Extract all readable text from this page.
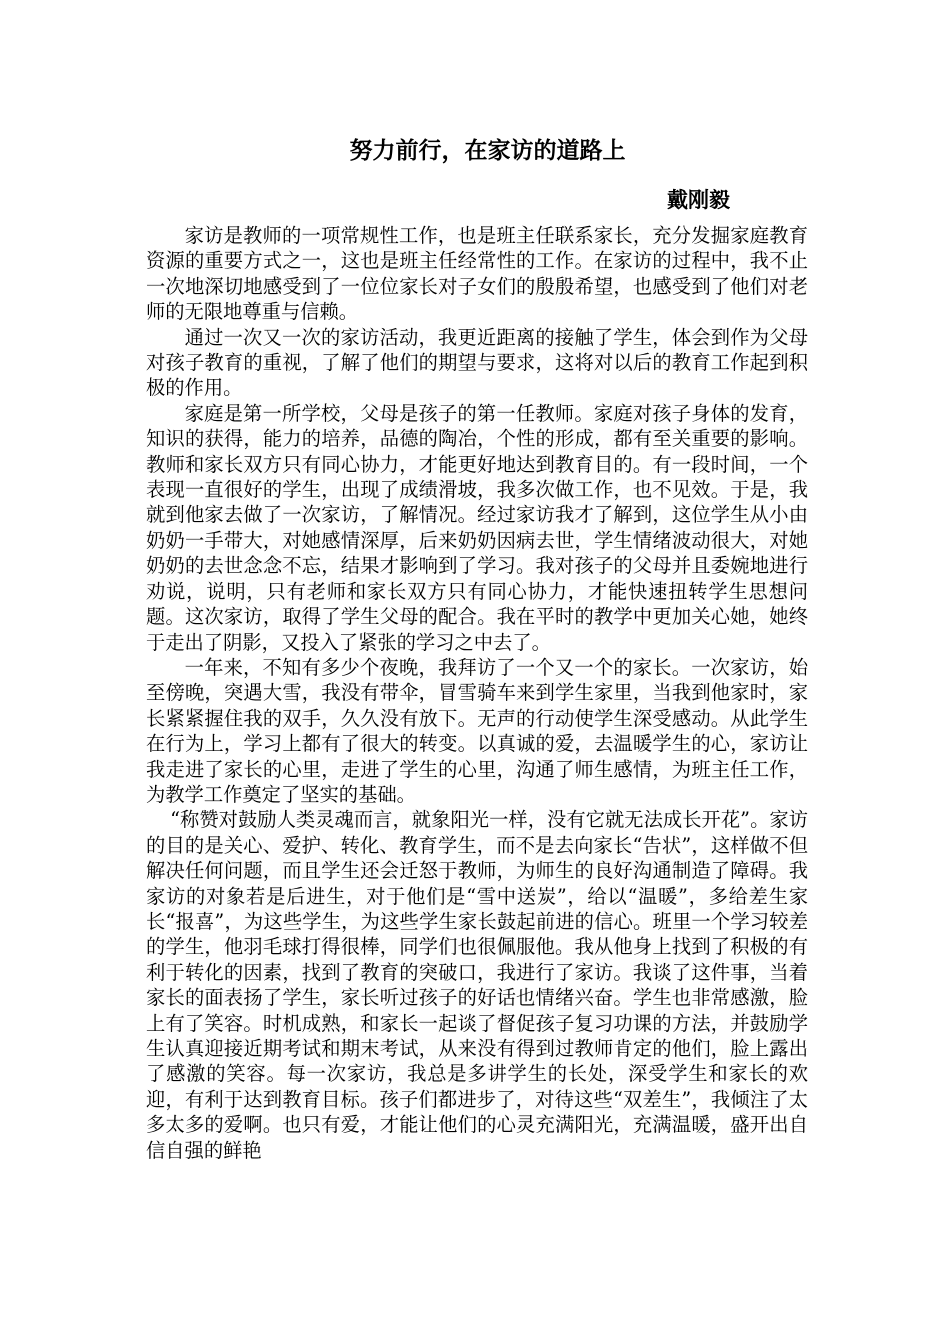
努力前行，在家访的道路上
戴刚毅

家访是教师的一项常规性工作，也是班主任联系家长，充分发掘家庭教育资源的重要方式之一，这也是班主任经常性的工作。在家访的过程中，我不止一次地深切地感受到了一位位家长对子女们的殷殷希望，也感受到了他们对老师的无限地尊重与信赖。

通过一次又一次的家访活动，我更近距离的接触了学生，体会到作为父母对孩子教育的重视，了解了他们的期望与要求，这将对以后的教育工作起到积极的作用。

家庭是第一所学校，父母是孩子的第一任教师。家庭对孩子身体的发育，知识的获得，能力的培养，品德的陶冶，个性的形成，都有至关重要的影响。教师和家长双方只有同心协力，才能更好地达到教育目的。有一段时间，一个表现一直很好的学生，出现了成绩滑坡，我多次做工作，也不见效。于是，我就到他家去做了一次家访，了解情况。经过家访我才了解到，这位学生从小由奶奶一手带大，对她感情深厚，后来奶奶因病去世，学生情绪波动很大，对她奶奶的去世念念不忘，结果才影响到了学习。我对孩子的父母并且委婉地进行劝说，说明，只有老师和家长双方只有同心协力，才能快速扭转学生思想问题。这次家访，取得了学生父母的配合。我在平时的教学中更加关心她，她终于走出了阴影，又投入了紧张的学习之中去了。

一年来，不知有多少个夜晚，我拜访了一个又一个的家长。一次家访，始至傍晚，突遇大雪，我没有带伞，冒雪骑车来到学生家里，当我到他家时，家长紧紧握住我的双手，久久没有放下。无声的行动使学生深受感动。从此学生在行为上，学习上都有了很大的转变。以真诚的爱，去温暖学生的心，家访让我走进了家长的心里，走进了学生的心里，沟通了师生感情，为班主任工作，为教学工作奠定了坚实的基础。

“称赞对鼓励人类灵魂而言，就象阳光一样，没有它就无法成长开花”。家访的目的是关心、爱护、转化、教育学生，而不是去向家长“告状”，这样做不但解决任何问题，而且学生还会迁怒于教师，为师生的良好沟通制造了障碍。我家访的对象若是后进生，对于他们是“雪中送炭”，给以“温暖”，多给差生家长“报喜”，为这些学生，为这些学生家长鼓起前进的信心。班里一个学习较差的学生，他羽毛球打得很棒，同学们也很佩服他。我从他身上找到了积极的有利于转化的因素，找到了教育的突破口，我进行了家访。我谈了这件事，当着家长的面表扬了学生，家长听过孩子的好话也情绪兴奋。学生也非常感激，脸上有了笑容。时机成熟，和家长一起谈了督促孩子复习功课的方法，并鼓励学生认真迎接近期考试和期末考试，从来没有得到过教师肯定的他们，脸上露出了感激的笑容。每一次家访，我总是多讲学生的长处，深受学生和家长的欢迎，有利于达到教育目标。孩子们都进步了，对待这些“双差生”，我倾注了太多太多的爱啊。也只有爱，才能让他们的心灵充满阳光，充满温暖，盛开出自信自强的鲜艳
